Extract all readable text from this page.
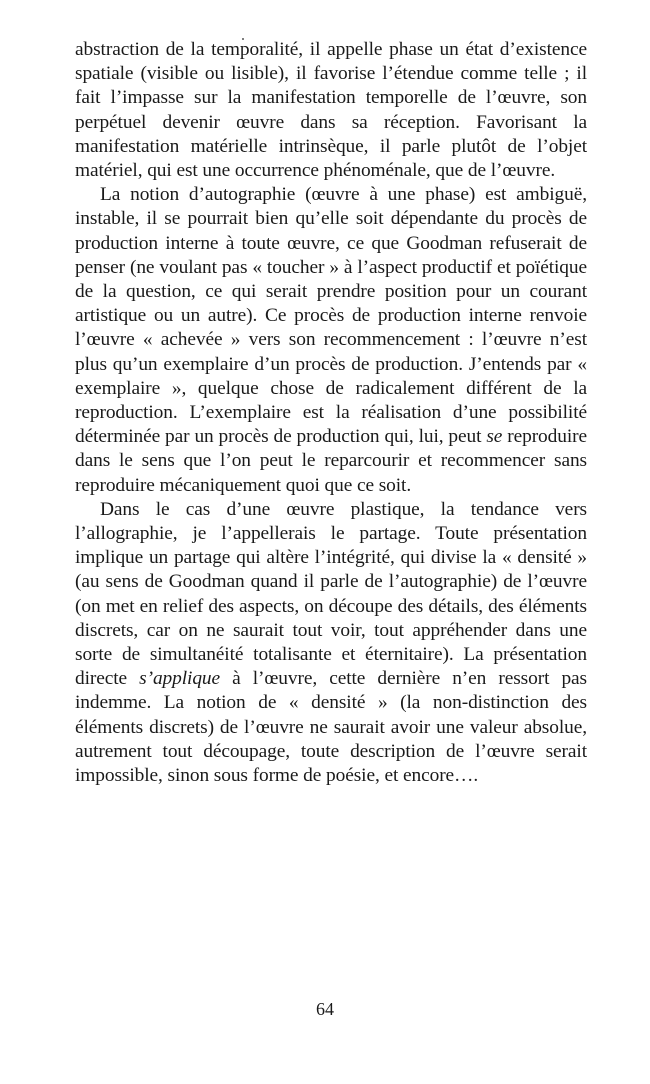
abstraction de la temporalité, il appelle phase un état d’existence spatiale (visible ou lisible), il favorise l’étendue comme telle ; il fait l’impasse sur la manifestation temporelle de l’œuvre, son perpétuel devenir œuvre dans sa réception. Favorisant la manifestation matérielle intrinsèque, il parle plutôt de l’objet matériel, qui est une occurrence phénoménale, que de l’œuvre.

La notion d’autographie (œuvre à une phase) est ambiguë, instable, il se pourrait bien qu’elle soit dépendante du procès de production interne à toute œuvre, ce que Goodman refuserait de penser (ne voulant pas « toucher » à l’aspect productif et poïétique de la question, ce qui serait prendre position pour un courant artistique ou un autre). Ce procès de production interne renvoie l’œuvre « achevée » vers son recommencement : l’œuvre n’est plus qu’un exemplaire d’un procès de production. J’entends par « exemplaire », quelque chose de radicalement différent de la reproduction. L’exemplaire est la réalisation d’une possibilité déterminée par un procès de production qui, lui, peut se reproduire dans le sens que l’on peut le reparcourir et recommencer sans reproduire mécaniquement quoi que ce soit.

Dans le cas d’une œuvre plastique, la tendance vers l’allographie, je l’appellerais le partage. Toute présentation implique un partage qui altère l’intégrité, qui divise la « densité » (au sens de Goodman quand il parle de l’autographie) de l’œuvre (on met en relief des aspects, on découpe des détails, des éléments discrets, car on ne saurait tout voir, tout appréhender dans une sorte de simultanéité totalisante et éternitaire). La présentation directe s’applique à l’œuvre, cette dernière n’en ressort pas indemme. La notion de « densité » (la non-distinction des éléments discrets) de l’œuvre ne saurait avoir une valeur absolue, autrement tout découpage, toute description de l’œuvre serait impossible, sinon sous forme de poésie, et encore….

64
